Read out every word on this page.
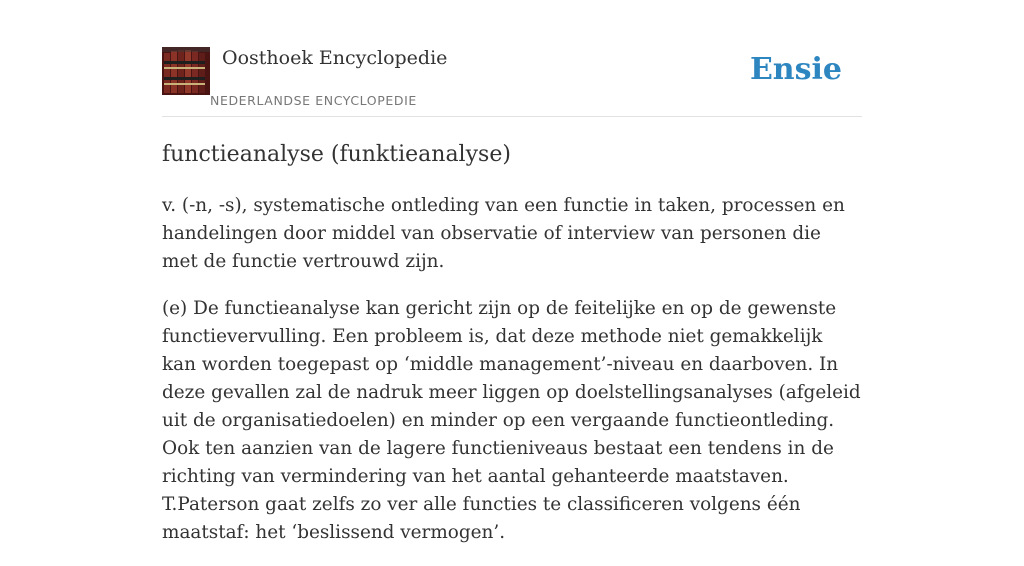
Oosthoek Encyclopedie
NEDERLANDSE ENCYCLOPEDIE
Ensie
functieanalyse (funktieanalyse)

v. (-n, -s), systematische ontleding van een functie in taken, processen en handelingen door middel van observatie of interview van personen die met de functie vertrouwd zijn.

(e) De functieanalyse kan gericht zijn op de feitelijke en op de gewenste functievervulling. Een probleem is, dat deze methode niet gemakkelijk kan worden toegepast op ‘middle management’-niveau en daarboven. In deze gevallen zal de nadruk meer liggen op doelstellingsanalyses (afgeleid uit de organisatiedoelen) en minder op een vergaande functieontleding. Ook ten aanzien van de lagere functieniveaus bestaat een tendens in de richting van vermindering van het aantal gehanteerde maatstaven. T.Paterson gaat zelfs zo ver alle functies te classificeren volgens één maatstaf: het ‘beslissend vermogen’.
